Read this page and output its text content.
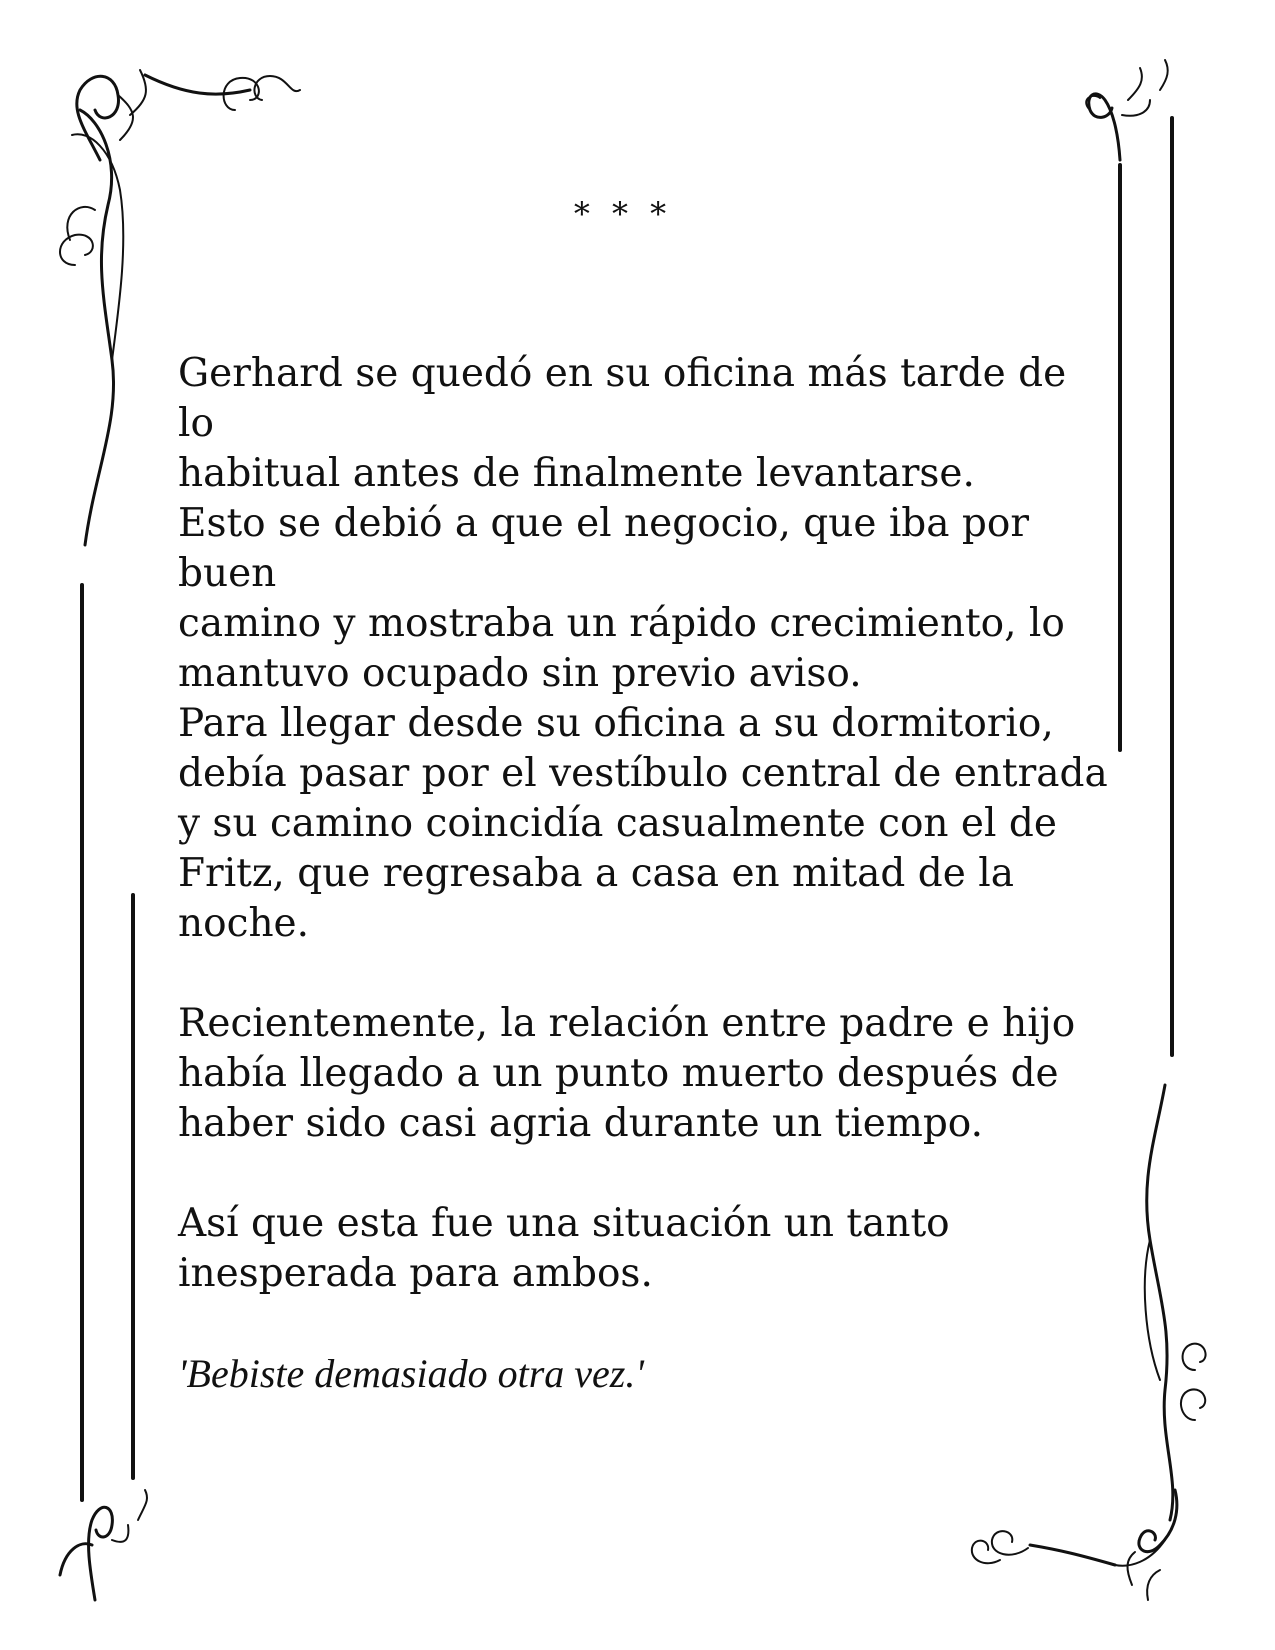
* * *

Gerhard se quedó en su oficina más tarde de lo
habitual antes de finalmente levantarse.

Esto se debió a que el negocio, que iba por buen
camino y mostraba un rápido crecimiento, lo
mantuvo ocupado sin previo aviso.

Para llegar desde su oficina a su dormitorio,
debía pasar por el vestíbulo central de entrada
y su camino coincidía casualmente con el de
Fritz, que regresaba a casa en mitad de la
noche.

Recientemente, la relación entre padre e hijo
había llegado a un punto muerto después de
haber sido casi agria durante un tiempo.

Así que esta fue una situación un tanto
inesperada para ambos.

'Bebiste demasiado otra vez.'
